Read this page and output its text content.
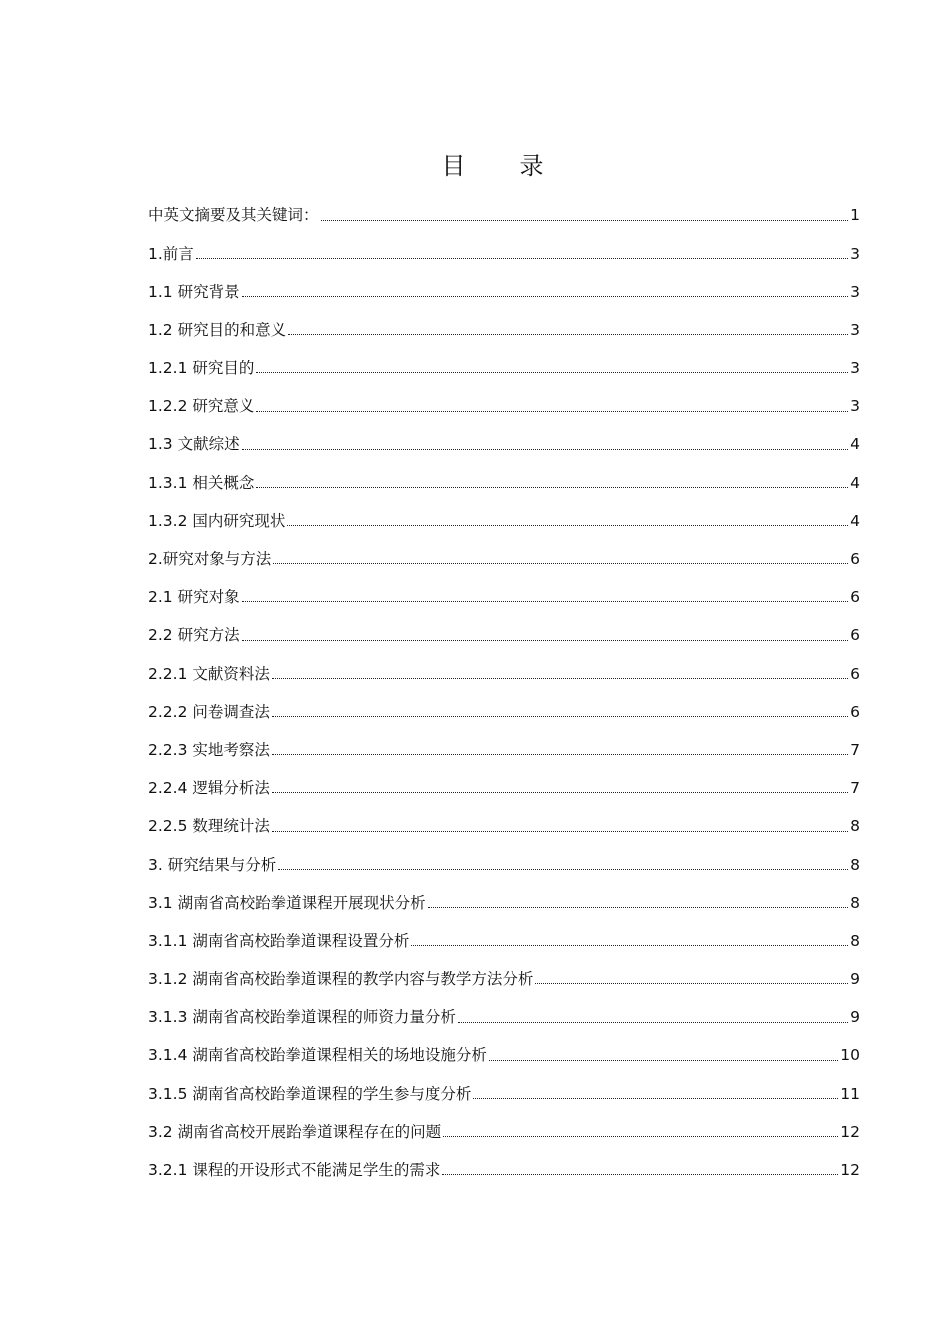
目 录
中英文摘要及其关键词：	1
1.前言	3
1.1 研究背景	3
1.2 研究目的和意义	3
1.2.1 研究目的	3
1.2.2 研究意义	3
1.3 文献综述	4
1.3.1 相关概念	4
1.3.2 国内研究现状	4
2.研究对象与方法	6
2.1 研究对象	6
2.2 研究方法	6
2.2.1 文献资料法	6
2.2.2 问卷调查法	6
2.2.3 实地考察法	7
2.2.4 逻辑分析法	7
2.2.5 数理统计法	8
3. 研究结果与分析	8
3.1 湖南省高校跆拳道课程开展现状分析	8
3.1.1 湖南省高校跆拳道课程设置分析	8
3.1.2 湖南省高校跆拳道课程的教学内容与教学方法分析	9
3.1.3 湖南省高校跆拳道课程的师资力量分析	9
3.1.4 湖南省高校跆拳道课程相关的场地设施分析	10
3.1.5 湖南省高校跆拳道课程的学生参与度分析	11
3.2 湖南省高校开展跆拳道课程存在的问题	12
3.2.1 课程的开设形式不能满足学生的需求	12
